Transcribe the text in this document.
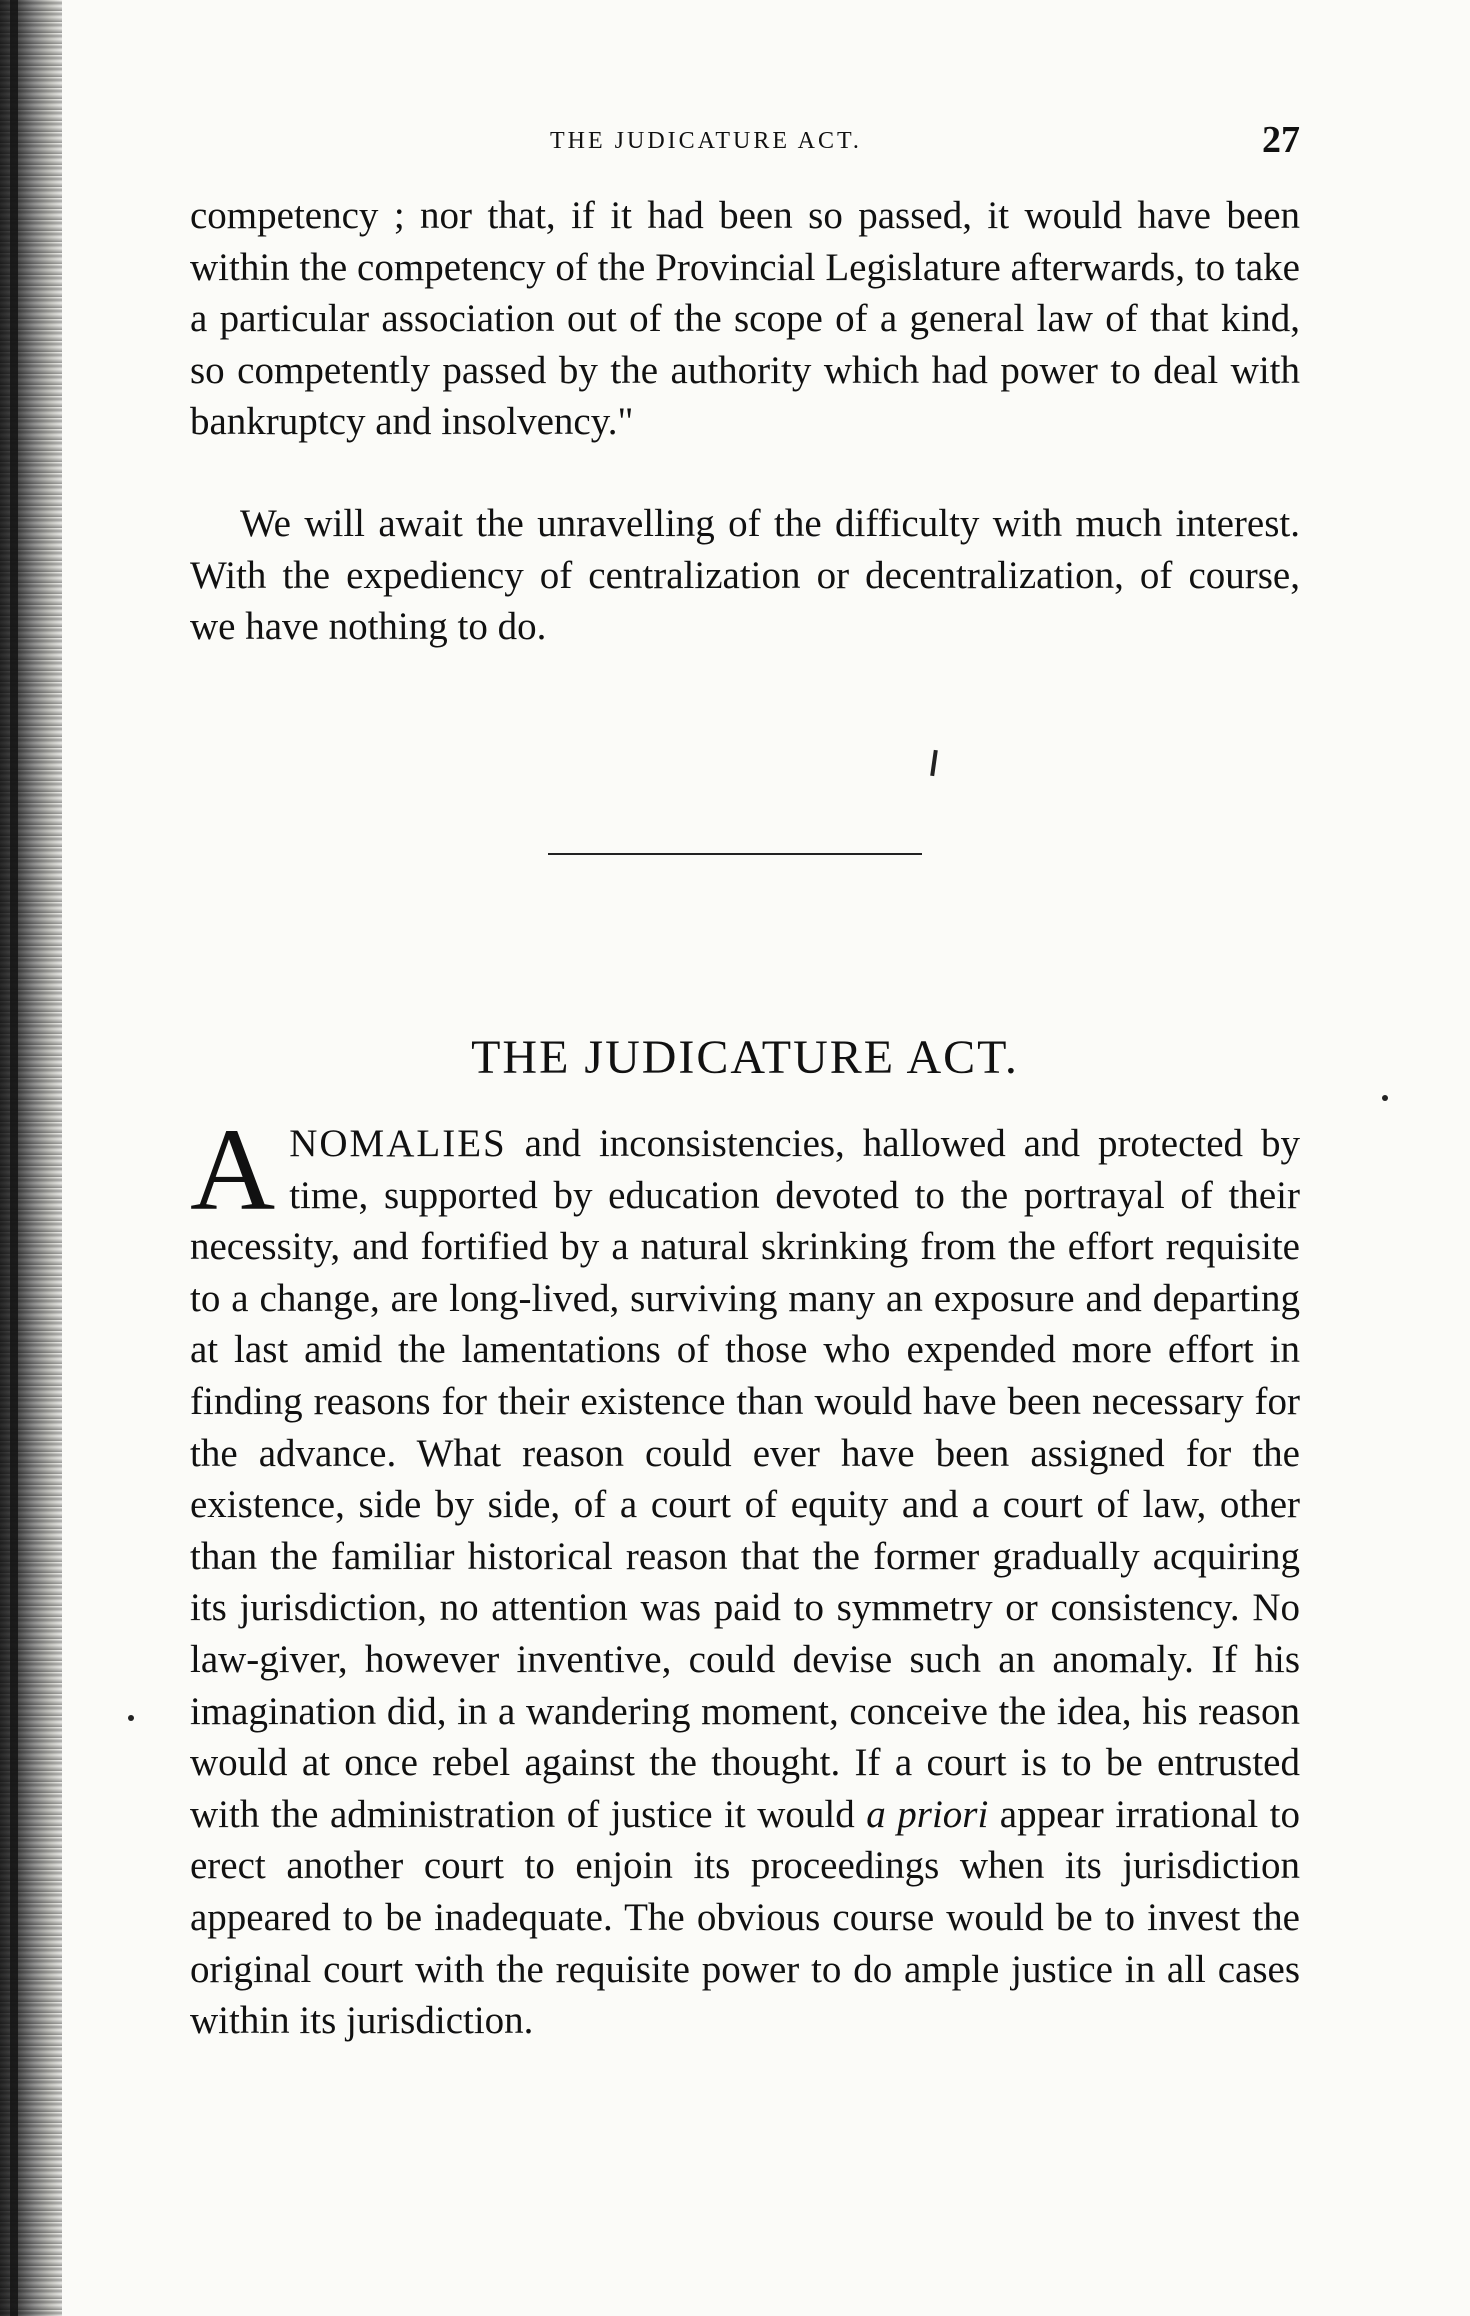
THE JUDICATURE ACT.	27

competency ; nor that, if it had been so passed, it would have been within the competency of the Provincial Legislature afterwards, to take a particular association out of the scope of a general law of that kind, so competently passed by the authority which had power to deal with bankruptcy and insolvency."

We will await the unravelling of the difficulty with much interest. With the expediency of centralization or decentralization, of course, we have nothing to do.

THE JUDICATURE ACT.

ANOMALIES and inconsistencies, hallowed and protected by time, supported by education devoted to the portrayal of their necessity, and fortified by a natural skrinking from the effort requisite to a change, are long-lived, surviving many an exposure and departing at last amid the lamentations of those who expended more effort in finding reasons for their existence than would have been necessary for the advance. What reason could ever have been assigned for the existence, side by side, of a court of equity and a court of law, other than the familiar historical reason that the former gradually acquiring its jurisdiction, no attention was paid to symmetry or consistency. No law-giver, however inventive, could devise such an anomaly. If his imagination did, in a wandering moment, conceive the idea, his reason would at once rebel against the thought. If a court is to be entrusted with the administration of justice it would a priori appear irrational to erect another court to enjoin its proceedings when its jurisdiction appeared to be inadequate. The obvious course would be to invest the original court with the requisite power to do ample justice in all cases within its jurisdiction.
